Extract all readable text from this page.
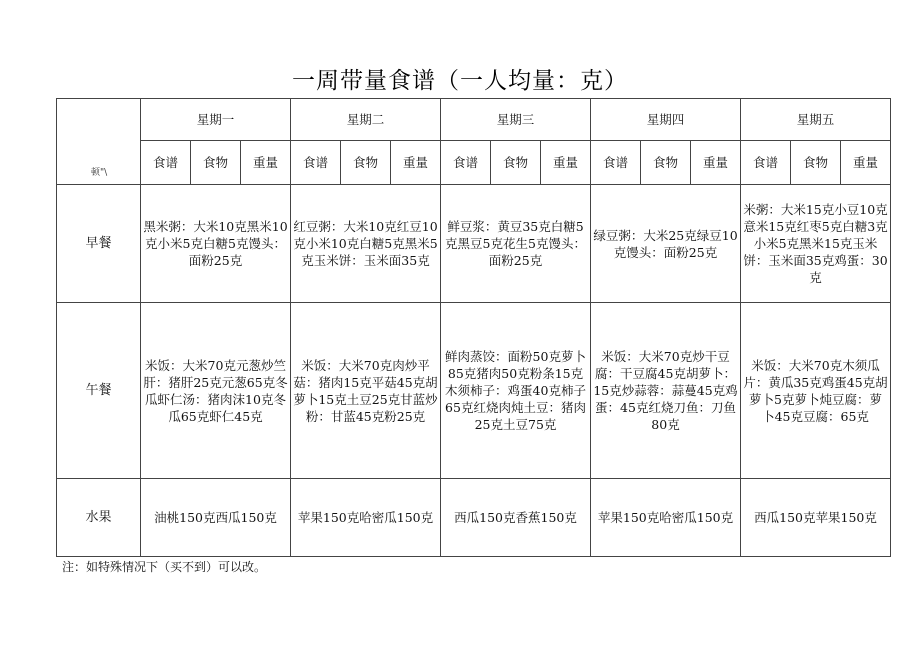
一周带量食谱（一人均量：克）
顿"\	星期一			星期二			星期三			星期四			星期五		
	食谱	食物	重量	食谱	食物	重量	食谱	食物	重量	食谱	食物	重量	食谱	食物	重量
早餐	黑米粥：大米10克黑米10克小米5克白糖5克馒头：面粉25克			红豆粥：大米10克红豆10克小米10克白糖5克黑米5克玉米饼：玉米面35克			鲜豆浆：黄豆35克白糖5克黑豆5克花生5克馒头：面粉25克			绿豆粥：大米25克绿豆10克馒头：面粉25克			米粥：大米15克小豆10克意米15克红枣5克白糖3克小米5克黑米15克玉米饼：玉米面35克鸡蛋：30克		
午餐	米饭：大米70克元葱炒竺肝：猪肝25克元葱65克冬瓜虾仁汤：猪肉沫10克冬瓜65克虾仁45克			米饭：大米70克肉炒平菇：猪肉15克平菇45克胡萝卜15克土豆25克甘蓝炒粉：甘蓝45克粉25克			鲜肉蒸饺：面粉50克萝卜85克猪肉50克粉条15克木须柿子：鸡蛋40克柿子65克红烧肉炖土豆：猪肉25克土豆75克			米饭：大米70克炒干豆腐：干豆腐45克胡萝卜：15克炒蒜蓉：蒜蔓45克鸡蛋：45克红烧刀鱼：刀鱼80克			米饭：大米70克木须瓜片：黄瓜35克鸡蛋45克胡萝卜5克萝卜炖豆腐：萝卜45克豆腐：65克		
水果	油桃150克西瓜150克			苹果150克哈密瓜150克			西瓜150克香蕉150克			苹果150克哈密瓜150克			西瓜150克苹果150克		
注：如特殊情况下（买不到）可以改。
